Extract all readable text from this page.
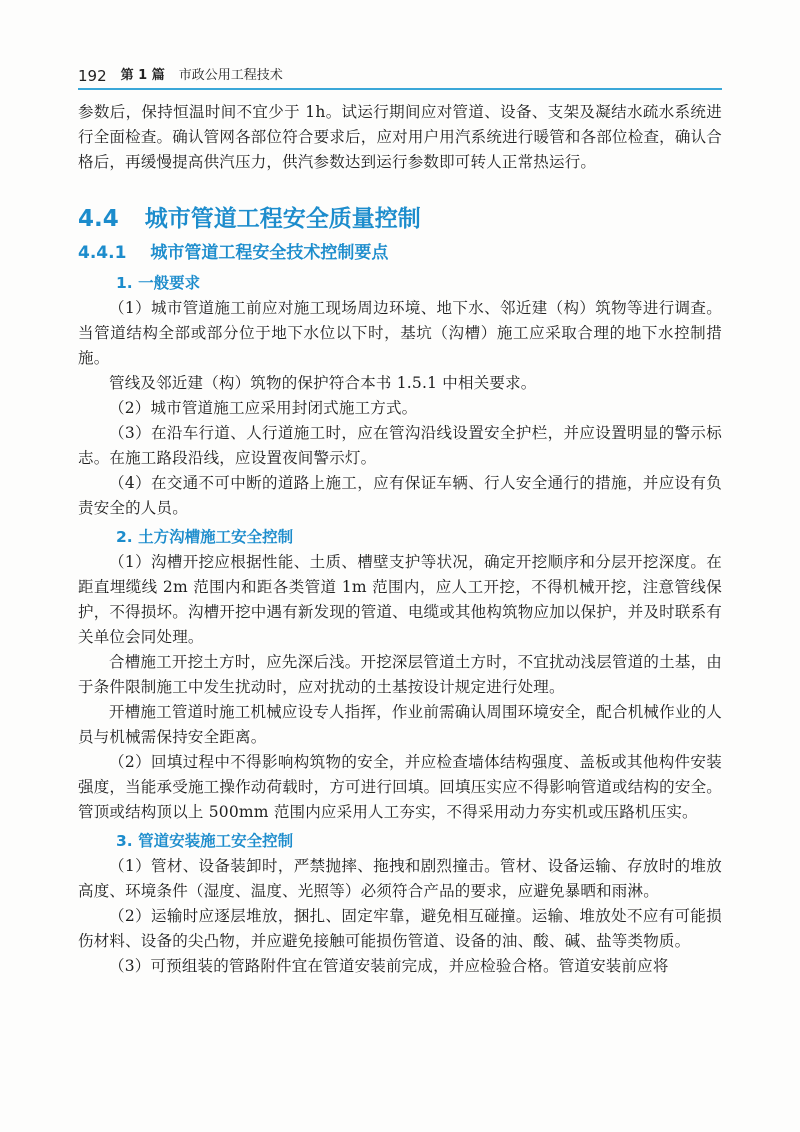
192 第 1 篇 市政公用工程技术

参数后，保持恒温时间不宜少于 1h。试运行期间应对管道、设备、支架及凝结水疏水系统进行全面检查。确认管网各部位符合要求后，应对用户用汽系统进行暖管和各部位检查，确认合格后，再缓慢提高供汽压力，供汽参数达到运行参数即可转人正常热运行。

4.4 城市管道工程安全质量控制
4.4.1 城市管道工程安全技术控制要点
1. 一般要求

（1）城市管道施工前应对施工现场周边环境、地下水、邻近建（构）筑物等进行调查。当管道结构全部或部分位于地下水位以下时，基坑（沟槽）施工应采取合理的地下水控制措施。

管线及邻近建（构）筑物的保护符合本书 1.5.1 中相关要求。

（2）城市管道施工应采用封闭式施工方式。

（3）在沿车行道、人行道施工时，应在管沟沿线设置安全护栏，并应设置明显的警示标志。在施工路段沿线，应设置夜间警示灯。

（4）在交通不可中断的道路上施工，应有保证车辆、行人安全通行的措施，并应设有负责安全的人员。

2. 土方沟槽施工安全控制

（1）沟槽开挖应根据性能、土质、槽壁支护等状况，确定开挖顺序和分层开挖深度。在距直埋缆线 2m 范围内和距各类管道 1m 范围内，应人工开挖，不得机械开挖，注意管线保护，不得损坏。沟槽开挖中遇有新发现的管道、电缆或其他构筑物应加以保护，并及时联系有关单位会同处理。

合槽施工开挖土方时，应先深后浅。开挖深层管道土方时，不宜扰动浅层管道的土基，由于条件限制施工中发生扰动时，应对扰动的土基按设计规定进行处理。

开槽施工管道时施工机械应设专人指挥，作业前需确认周围环境安全，配合机械作业的人员与机械需保持安全距离。

（2）回填过程中不得影响构筑物的安全，并应检查墙体结构强度、盖板或其他构件安装强度，当能承受施工操作动荷载时，方可进行回填。回填压实应不得影响管道或结构的安全。管顶或结构顶以上 500mm 范围内应采用人工夯实，不得采用动力夯实机或压路机压实。

3. 管道安装施工安全控制

（1）管材、设备装卸时，严禁抛摔、拖拽和剧烈撞击。管材、设备运输、存放时的堆放高度、环境条件（湿度、温度、光照等）必须符合产品的要求，应避免暴晒和雨淋。

（2）运输时应逐层堆放，捆扎、固定牢靠，避免相互碰撞。运输、堆放处不应有可能损伤材料、设备的尖凸物，并应避免接触可能损伤管道、设备的油、酸、碱、盐等类物质。

（3）可预组装的管路附件宜在管道安装前完成，并应检验合格。管道安装前应将
